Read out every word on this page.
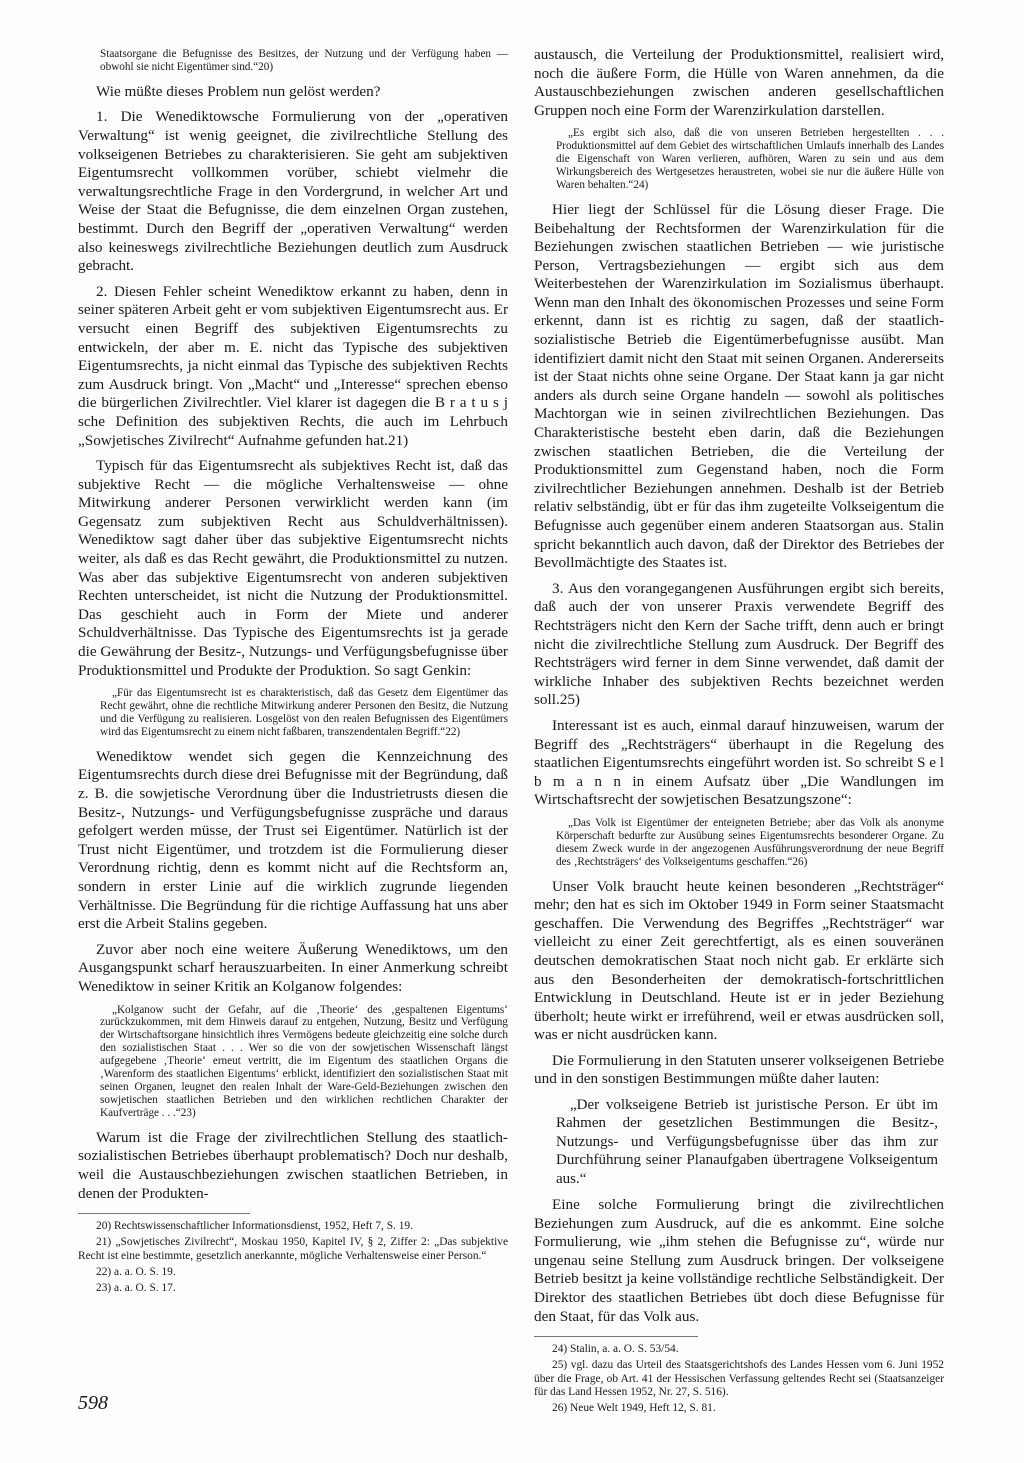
Staatsorgane die Befugnisse des Besitzes, der Nutzung und der Verfügung haben — obwohl sie nicht Eigentümer sind.“20)

Wie müßte dieses Problem nun gelöst werden?

1. Die Wenediktowsche Formulierung von der „operativen Verwaltung“ ist wenig geeignet, die zivilrechtliche Stellung des volkseigenen Betriebes zu charakterisieren. Sie geht am subjektiven Eigentumsrecht vollkommen vorüber, schiebt vielmehr die verwaltungsrechtliche Frage in den Vordergrund, in welcher Art und Weise der Staat die Befugnisse, die dem einzelnen Organ zustehen, bestimmt. Durch den Begriff der „operativen Verwaltung“ werden also keineswegs zivilrechtliche Beziehungen deutlich zum Ausdruck gebracht.

2. Diesen Fehler scheint Wenediktow erkannt zu haben, denn in seiner späteren Arbeit geht er vom subjektiven Eigentumsrecht aus. Er versucht einen Begriff des subjektiven Eigentumsrechts zu entwickeln, der aber m. E. nicht das Typische des subjektiven Eigentumsrechts, ja nicht einmal das Typische des subjektiven Rechts zum Ausdruck bringt. Von „Macht“ und „Interesse“ sprechen ebenso die bürgerlichen Zivilrechtler. Viel klarer ist dagegen die B r a t u s j sche Definition des subjektiven Rechts, die auch im Lehrbuch „Sowjetisches Zivilrecht“ Aufnahme gefunden hat.21)

Typisch für das Eigentumsrecht als subjektives Recht ist, daß das subjektive Recht — die mögliche Verhaltensweise — ohne Mitwirkung anderer Personen verwirklicht werden kann (im Gegensatz zum subjektiven Recht aus Schuldverhältnissen). Wenediktow sagt daher über das subjektive Eigentumsrecht nichts weiter, als daß es das Recht gewährt, die Produktionsmittel zu nutzen. Was aber das subjektive Eigentumsrecht von anderen subjektiven Rechten unterscheidet, ist nicht die Nutzung der Produktionsmittel. Das geschieht auch in Form der Miete und anderer Schuldverhältnisse. Das Typische des Eigentumsrechts ist ja gerade die Gewährung der Besitz-, Nutzungs- und Verfügungsbefugnisse über Produktionsmittel und Produkte der Produktion. So sagt Genkin:

„Für das Eigentumsrecht ist es charakteristisch, daß das Gesetz dem Eigentümer das Recht gewährt, ohne die rechtliche Mitwirkung anderer Personen den Besitz, die Nutzung und die Verfügung zu realisieren. Losgelöst von den realen Befugnissen des Eigentümers wird das Eigentumsrecht zu einem nicht faßbaren, transzendentalen Begriff.“22)

Wenediktow wendet sich gegen die Kennzeichnung des Eigentumsrechts durch diese drei Befugnisse mit der Begründung, daß z. B. die sowjetische Verordnung über die Industrietrusts diesen die Besitz-, Nutzungs- und Verfügungsbefugnisse zuspräche und daraus gefolgert werden müsse, der Trust sei Eigentümer. Natürlich ist der Trust nicht Eigentümer, und trotzdem ist die Formulierung dieser Verordnung richtig, denn es kommt nicht auf die Rechtsform an, sondern in erster Linie auf die wirklich zugrunde liegenden Verhältnisse. Die Begründung für die richtige Auffassung hat uns aber erst die Arbeit Stalins gegeben.

Zuvor aber noch eine weitere Äußerung Wenediktows, um den Ausgangspunkt scharf herauszuarbeiten. In einer Anmerkung schreibt Wenediktow in seiner Kritik an Kolganow folgendes:

„Kolganow sucht der Gefahr, auf die ‚Theorie‘ des ‚gespaltenen Eigentums‘ zurückzukommen, mit dem Hinweis darauf zu entgehen, Nutzung, Besitz und Verfügung der Wirtschaftsorgane hinsichtlich ihres Vermögens bedeute gleichzeitig eine solche durch den sozialistischen Staat . . . Wer so die von der sowjetischen Wissenschaft längst aufgegebene ‚Theorie‘ erneut vertritt, die im Eigentum des staatlichen Organs die ‚Warenform des staatlichen Eigentums‘ erblickt, identifiziert den sozialistischen Staat mit seinen Organen, leugnet den realen Inhalt der Ware-Geld-Beziehungen zwischen den sowjetischen staatlichen Betrieben und den wirklichen rechtlichen Charakter der Kaufverträge . . .“23)

Warum ist die Frage der zivilrechtlichen Stellung des staatlich-sozialistischen Betriebes überhaupt problematisch? Doch nur deshalb, weil die Austauschbeziehungen zwischen staatlichen Betrieben, in denen der Produkten-

20) Rechtswissenschaftlicher Informationsdienst, 1952, Heft 7, S. 19.

21) „Sowjetisches Zivilrecht“, Moskau 1950, Kapitel IV, § 2, Ziffer 2: „Das subjektive Recht ist eine bestimmte, gesetzlich anerkannte, mögliche Verhaltensweise einer Person.“

22) a. a. O. S. 19.

23) a. a. O. S. 17.

austausch, die Verteilung der Produktionsmittel, realisiert wird, noch die äußere Form, die Hülle von Waren annehmen, da die Austauschbeziehungen zwischen anderen gesellschaftlichen Gruppen noch eine Form der Warenzirkulation darstellen.

„Es ergibt sich also, daß die von unseren Betrieben hergestellten . . . Produktionsmittel auf dem Gebiet des wirtschaftlichen Umlaufs innerhalb des Landes die Eigenschaft von Waren verlieren, aufhören, Waren zu sein und aus dem Wirkungsbereich des Wertgesetzes heraustreten, wobei sie nur die äußere Hülle von Waren behalten.“24)

Hier liegt der Schlüssel für die Lösung dieser Frage. Die Beibehaltung der Rechtsformen der Warenzirkulation für die Beziehungen zwischen staatlichen Betrieben — wie juristische Person, Vertragsbeziehungen — ergibt sich aus dem Weiterbestehen der Warenzirkulation im Sozialismus überhaupt. Wenn man den Inhalt des ökonomischen Prozesses und seine Form erkennt, dann ist es richtig zu sagen, daß der staatlich-sozialistische Betrieb die Eigentümerbefugnisse ausübt. Man identifiziert damit nicht den Staat mit seinen Organen. Andererseits ist der Staat nichts ohne seine Organe. Der Staat kann ja gar nicht anders als durch seine Organe handeln — sowohl als politisches Machtorgan wie in seinen zivilrechtlichen Beziehungen. Das Charakteristische besteht eben darin, daß die Beziehungen zwischen staatlichen Betrieben, die die Verteilung der Produktionsmittel zum Gegenstand haben, noch die Form zivilrechtlicher Beziehungen annehmen. Deshalb ist der Betrieb relativ selbständig, übt er für das ihm zugeteilte Volkseigentum die Befugnisse auch gegenüber einem anderen Staatsorgan aus. Stalin spricht bekanntlich auch davon, daß der Direktor des Betriebes der Bevollmächtigte des Staates ist.

3. Aus den vorangegangenen Ausführungen ergibt sich bereits, daß auch der von unserer Praxis verwendete Begriff des Rechtsträgers nicht den Kern der Sache trifft, denn auch er bringt nicht die zivilrechtliche Stellung zum Ausdruck. Der Begriff des Rechtsträgers wird ferner in dem Sinne verwendet, daß damit der wirkliche Inhaber des subjektiven Rechts bezeichnet werden soll.25)

Interessant ist es auch, einmal darauf hinzuweisen, warum der Begriff des „Rechtsträgers“ überhaupt in die Regelung des staatlichen Eigentumsrechts eingeführt worden ist. So schreibt S e l b m a n n in einem Aufsatz über „Die Wandlungen im Wirtschaftsrecht der sowjetischen Besatzungszone“:

„Das Volk ist Eigentümer der enteigneten Betriebe; aber das Volk als anonyme Körperschaft bedurfte zur Ausübung seines Eigentumsrechts besonderer Organe. Zu diesem Zweck wurde in der angezogenen Ausführungsverordnung der neue Begriff des ‚Rechtsträgers‘ des Volkseigentums geschaffen.“26)

Unser Volk braucht heute keinen besonderen „Rechtsträger“ mehr; den hat es sich im Oktober 1949 in Form seiner Staatsmacht geschaffen. Die Verwendung des Begriffes „Rechtsträger“ war vielleicht zu einer Zeit gerechtfertigt, als es einen souveränen deutschen demokratischen Staat noch nicht gab. Er erklärte sich aus den Besonderheiten der demokratisch-fortschrittlichen Entwicklung in Deutschland. Heute ist er in jeder Beziehung überholt; heute wirkt er irreführend, weil er etwas ausdrücken soll, was er nicht ausdrücken kann.

Die Formulierung in den Statuten unserer volkseigenen Betriebe und in den sonstigen Bestimmungen müßte daher lauten:

„Der volkseigene Betrieb ist juristische Person. Er übt im Rahmen der gesetzlichen Bestimmungen die Besitz-, Nutzungs- und Verfügungsbefugnisse über das ihm zur Durchführung seiner Planaufgaben übertragene Volkseigentum aus.“

Eine solche Formulierung bringt die zivilrechtlichen Beziehungen zum Ausdruck, auf die es ankommt. Eine solche Formulierung, wie „ihm stehen die Befugnisse zu“, würde nur ungenau seine Stellung zum Ausdruck bringen. Der volkseigene Betrieb besitzt ja keine vollständige rechtliche Selbständigkeit. Der Direktor des staatlichen Betriebes übt doch diese Befugnisse für den Staat, für das Volk aus.

24) Stalin, a. a. O. S. 53/54.

25) vgl. dazu das Urteil des Staatsgerichtshofs des Landes Hessen vom 6. Juni 1952 über die Frage, ob Art. 41 der Hessischen Verfassung geltendes Recht sei (Staatsanzeiger für das Land Hessen 1952, Nr. 27, S. 516).

26) Neue Welt 1949, Heft 12, S. 81.

598
